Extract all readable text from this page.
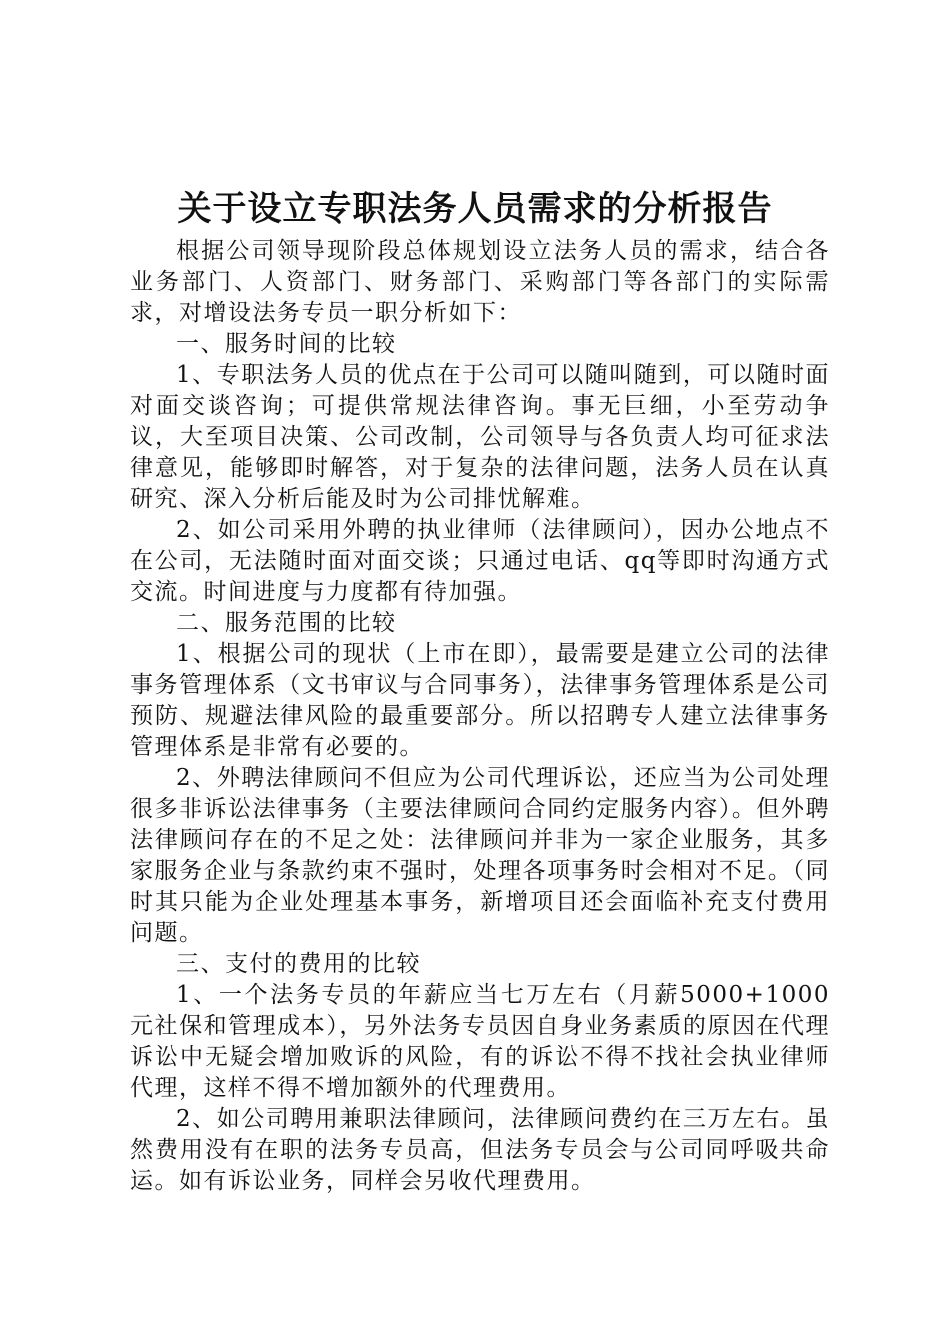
关于设立专职法务人员需求的分析报告

根据公司领导现阶段总体规划设立法务人员的需求，结合各业务部门、人资部门、财务部门、采购部门等各部门的实际需求，对增设法务专员一职分析如下：

一、服务时间的比较

1、专职法务人员的优点在于公司可以随叫随到，可以随时面对面交谈咨询；可提供常规法律咨询。事无巨细，小至劳动争议，大至项目决策、公司改制，公司领导与各负责人均可征求法律意见，能够即时解答，对于复杂的法律问题，法务人员在认真研究、深入分析后能及时为公司排忧解难。

2、如公司采用外聘的执业律师（法律顾问），因办公地点不在公司，无法随时面对面交谈；只通过电话、qq等即时沟通方式交流。时间进度与力度都有待加强。

二、服务范围的比较

1、根据公司的现状（上市在即），最需要是建立公司的法律事务管理体系（文书审议与合同事务），法律事务管理体系是公司预防、规避法律风险的最重要部分。所以招聘专人建立法律事务管理体系是非常有必要的。

2、外聘法律顾问不但应为公司代理诉讼，还应当为公司处理很多非诉讼法律事务（主要法律顾问合同约定服务内容）。但外聘法律顾问存在的不足之处：法律顾问并非为一家企业服务，其多家服务企业与条款约束不强时，处理各项事务时会相对不足。（同时其只能为企业处理基本事务，新增项目还会面临补充支付费用问题。

三、支付的费用的比较

1、一个法务专员的年薪应当七万左右（月薪5000+1000元社保和管理成本），另外法务专员因自身业务素质的原因在代理诉讼中无疑会增加败诉的风险，有的诉讼不得不找社会执业律师代理，这样不得不增加额外的代理费用。

2、如公司聘用兼职法律顾问，法律顾问费约在三万左右。虽然费用没有在职的法务专员高，但法务专员会与公司同呼吸共命运。如有诉讼业务，同样会另收代理费用。
